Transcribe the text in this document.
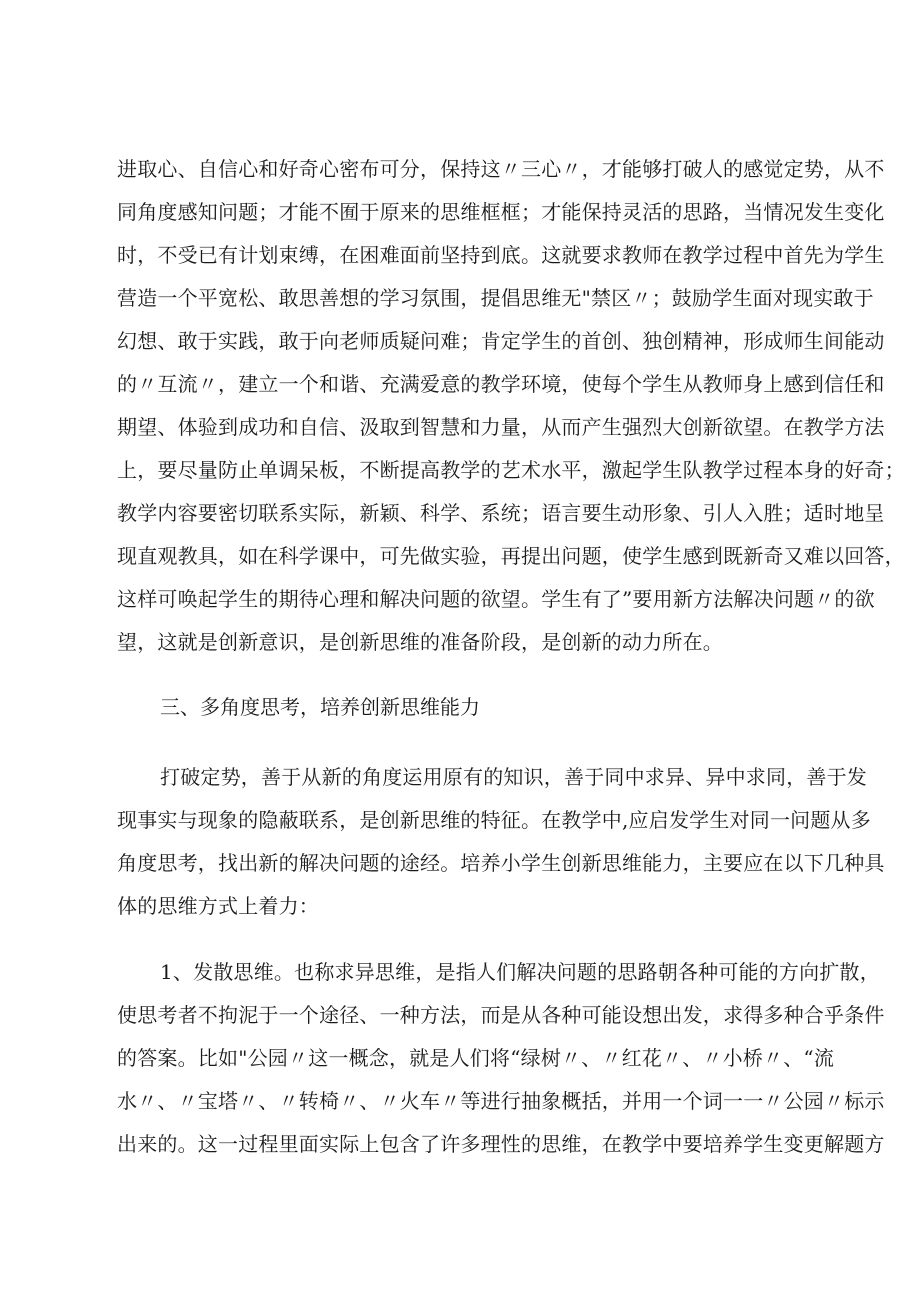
进取心、自信心和好奇心密布可分，保持这〃三心〃，才能够打破人的感觉定势，从不
同角度感知问题；才能不囿于原来的思维框框；才能保持灵活的思路，当情况发生变化
时，不受已有计划束缚，在困难面前坚持到底。这就要求教师在教学过程中首先为学生
营造一个平宽松、敢思善想的学习氛围，提倡思维无"禁区〃；鼓励学生面对现实敢于
幻想、敢于实践，敢于向老师质疑问难；肯定学生的首创、独创精神，形成师生间能动
的〃互流〃，建立一个和谐、充满爱意的教学环境，使每个学生从教师身上感到信任和
期望、体验到成功和自信、汲取到智慧和力量，从而产生强烈大创新欲望。在教学方法
上，要尽量防止单调呆板，不断提高教学的艺术水平，激起学生队教学过程本身的好奇；
教学内容要密切联系实际，新颖、科学、系统；语言要生动形象、引人入胜；适时地呈
现直观教具，如在科学课中，可先做实验，再提出问题，使学生感到既新奇又难以回答，
这样可唤起学生的期待心理和解决问题的欲望。学生有了”要用新方法解决问题〃的欲
望，这就是创新意识，是创新思维的准备阶段，是创新的动力所在。
三、多角度思考，培养创新思维能力
打破定势，善于从新的角度运用原有的知识，善于同中求异、异中求同，善于发
现事实与现象的隐蔽联系，是创新思维的特征。在教学中,应启发学生对同一问题从多
角度思考，找出新的解决问题的途经。培养小学生创新思维能力，主要应在以下几种具
体的思维方式上着力：
1、发散思维。也称求异思维，是指人们解决问题的思路朝各种可能的方向扩散，
使思考者不拘泥于一个途径、一种方法，而是从各种可能设想出发，求得多种合乎条件
的答案。比如"公园〃这一概念，就是人们将“绿树〃、〃红花〃、〃小桥〃、“流
水〃、〃宝塔〃、〃转椅〃、〃火车〃等进行抽象概括，并用一个词一一〃公园〃标示
出来的。这一过程里面实际上包含了许多理性的思维，在教学中要培养学生变更解题方
